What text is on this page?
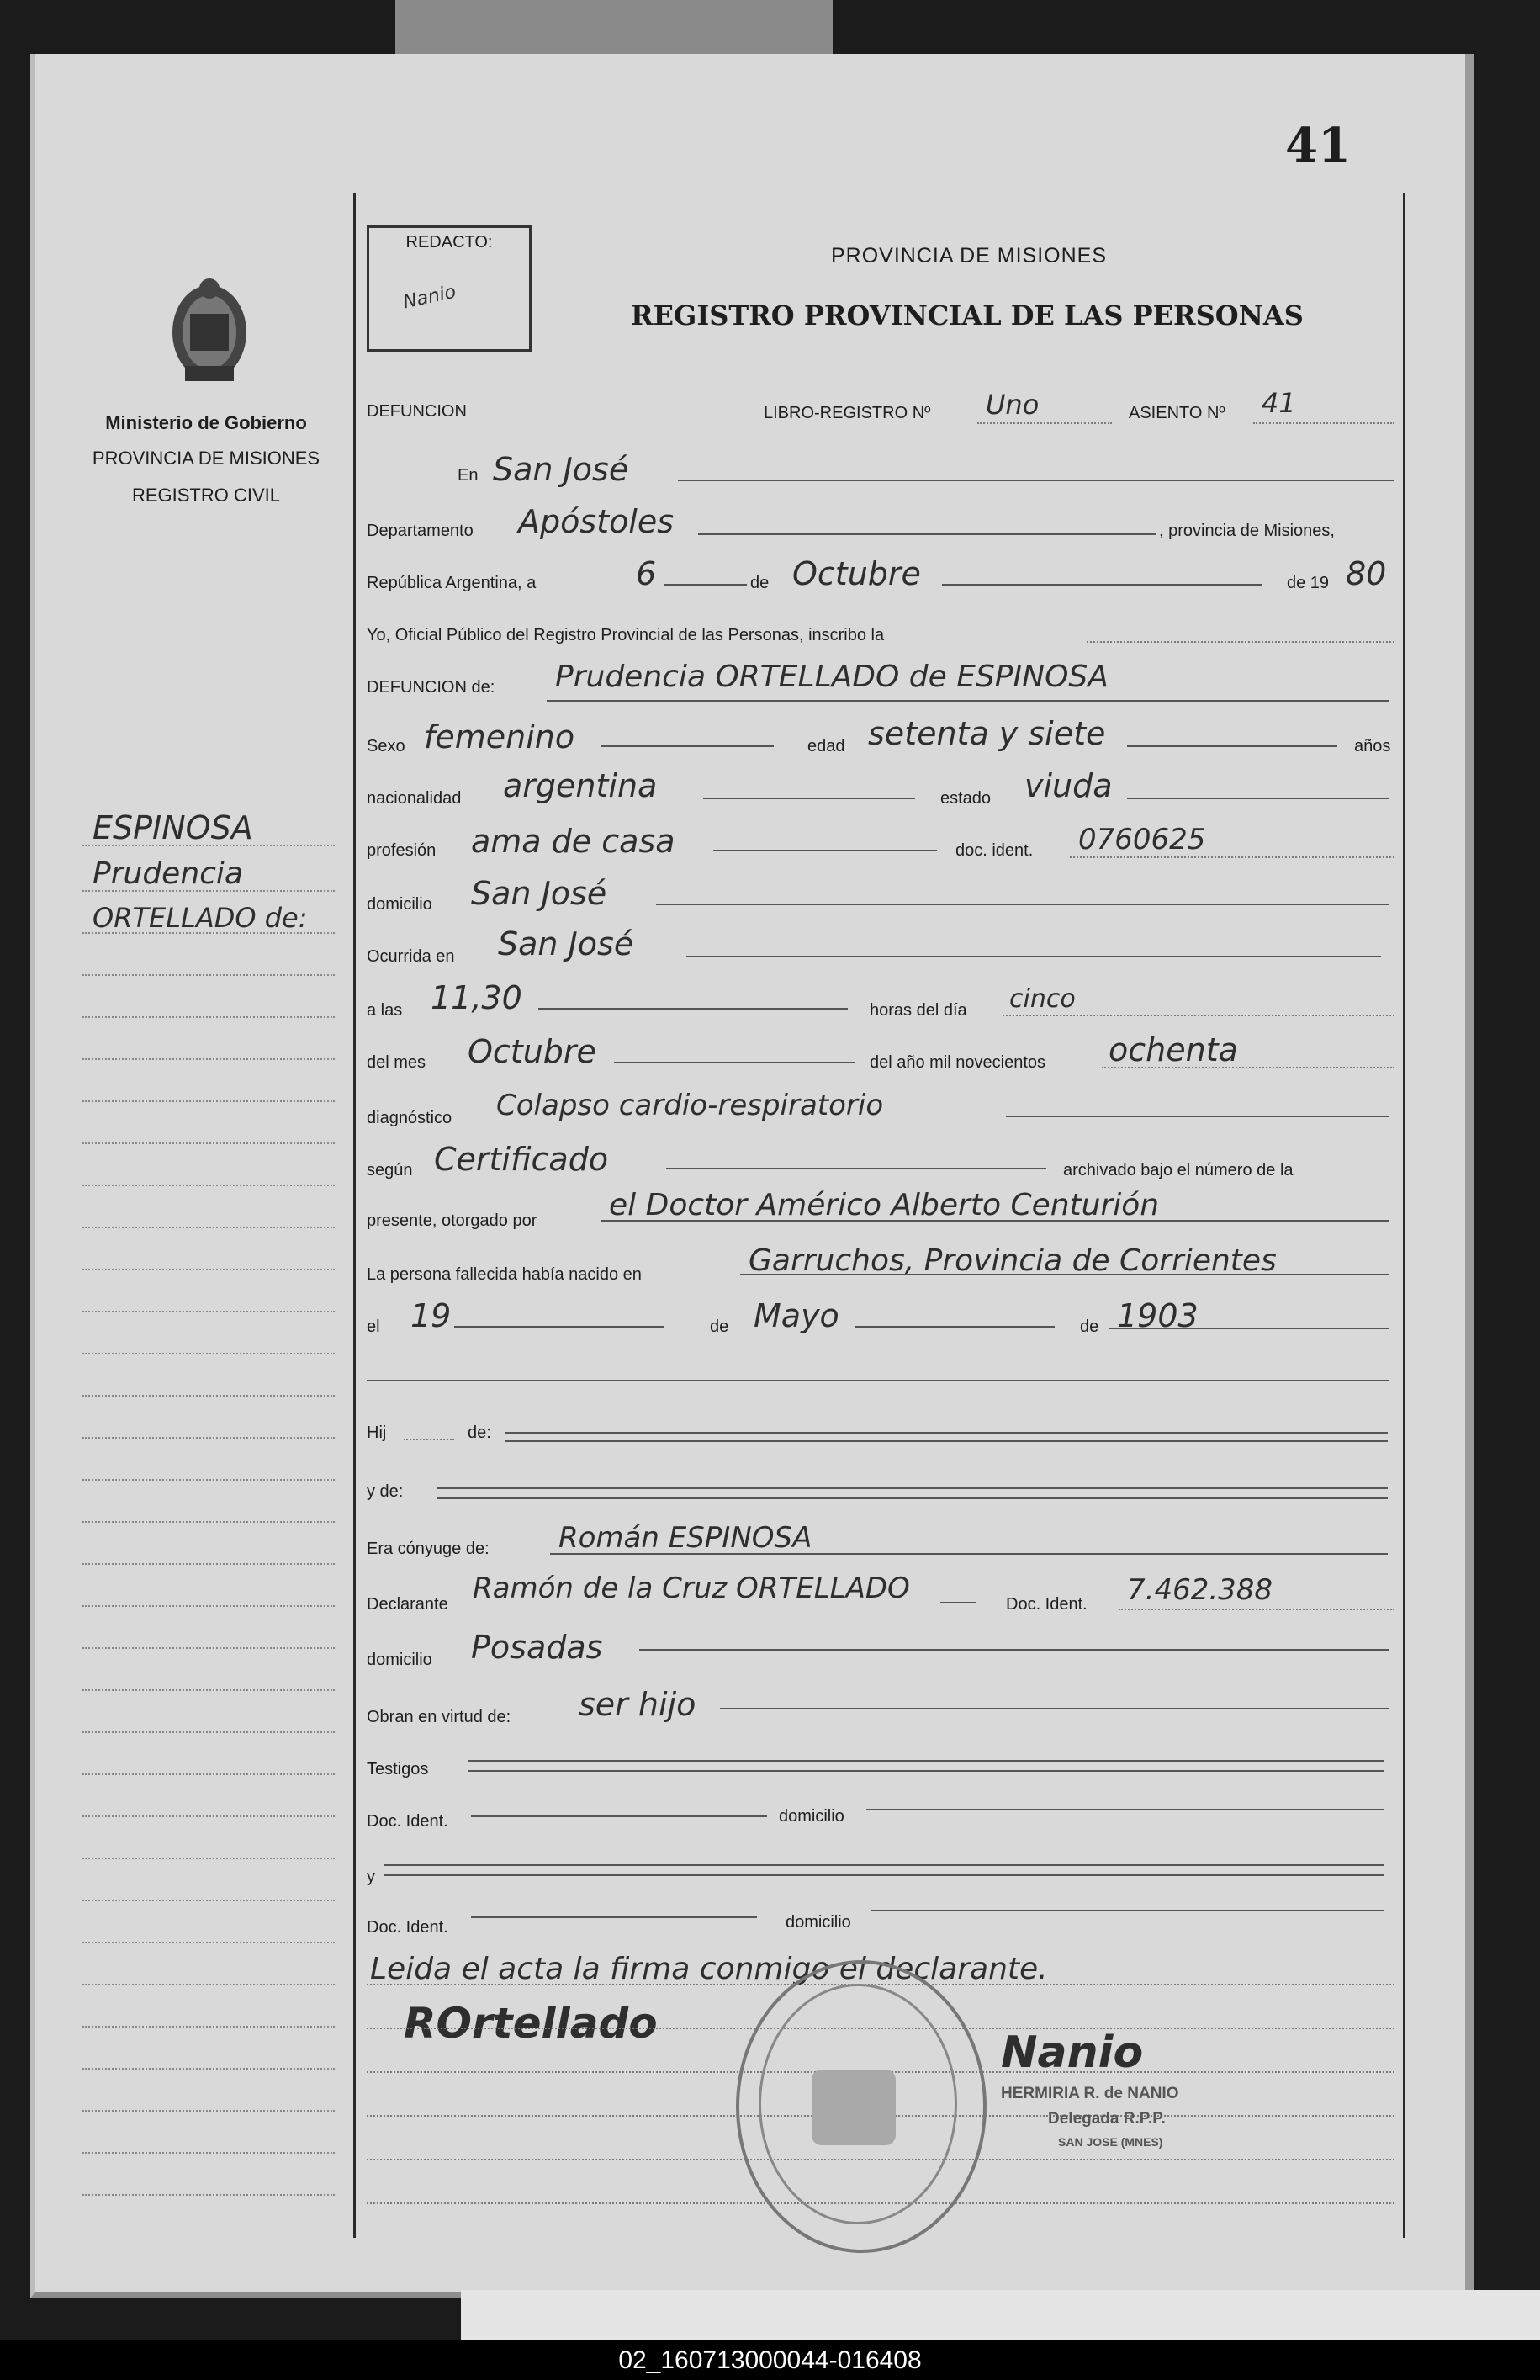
41
Ministerio de Gobierno
PROVINCIA DE MISIONES
REGISTRO CIVIL
ESPINOSA
Prudencia
ORTELLADO de:
REDACTO:
Nanio
PROVINCIA DE MISIONES
REGISTRO PROVINCIAL DE LAS PERSONAS
DEFUNCION	LIBRO-REGISTRO Nº Uno	ASIENTO Nº 41
En San José
Departamento Apóstoles	, provincia de Misiones,
República Argentina, a	6	de Octubre	de 19 80
Yo, Oficial Público del Registro Provincial de las Personas, inscribo la
DEFUNCION de: Prudencia ORTELLADO de ESPINOSA
Sexo femenino	edad setenta y siete	años
nacionalidad argentina	estado viuda
profesión ama de casa	doc. ident. 0760625
domicilio San José
Ocurrida en San José
a las 11,30	horas del día cinco
del mes Octubre	del año mil novecientos ochenta
diagnóstico Colapso cardio-respiratorio
según Certificado	archivado bajo el número de la
presente, otorgado por el Doctor Américo Alberto Centurión
La persona fallecida había nacido en	Garruchos, Provincia de Corrientes
el 19	de Mayo	de 1903
Hij	de:
y de:
Era cónyuge de: Román ESPINOSA
Declarante Ramón de la Cruz ORTELLADO	Doc. Ident. 7.462.388
domicilio Posadas
Obran en virtud de: ser hijo
Testigos
Doc. Ident.	domicilio
y
Doc. Ident.	domicilio
Leida el acta la firma conmigo el declarante.
ROrtellado
Nanio
HERMIRIA R. de NANIO
Delegada R.P.P.
SAN JOSE (MNES)
02_160713000044-016408
